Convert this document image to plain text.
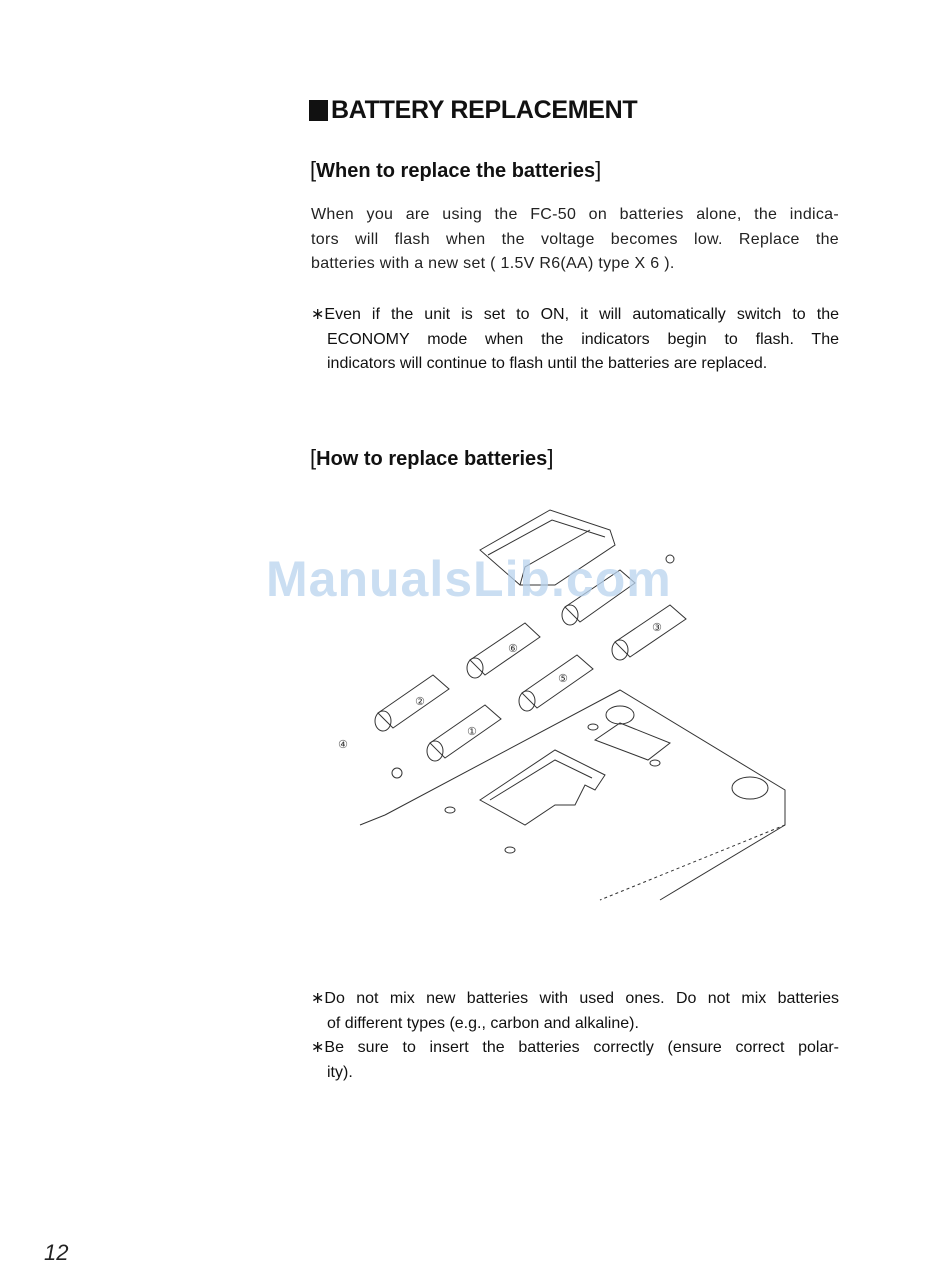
BATTERY REPLACEMENT
[When to replace the batteries]
When you are using the FC-50 on batteries alone, the indica-
tors will flash when the voltage becomes low. Replace the
batteries with a new set ( 1.5V R6(AA) type X 6 ).
∗Even if the unit is set to ON, it will automatically switch to the
ECONOMY mode when the indicators begin to flash. The
indicators will continue to flash until the batteries are replaced.
[How to replace batteries]
⑥
③
⑤
②
①
④
ManualsLib.com
∗Do not mix new batteries with used ones. Do not mix batteries
of different types (e.g., carbon and alkaline).
∗Be sure to insert the batteries correctly (ensure correct polar-
ity).
12
